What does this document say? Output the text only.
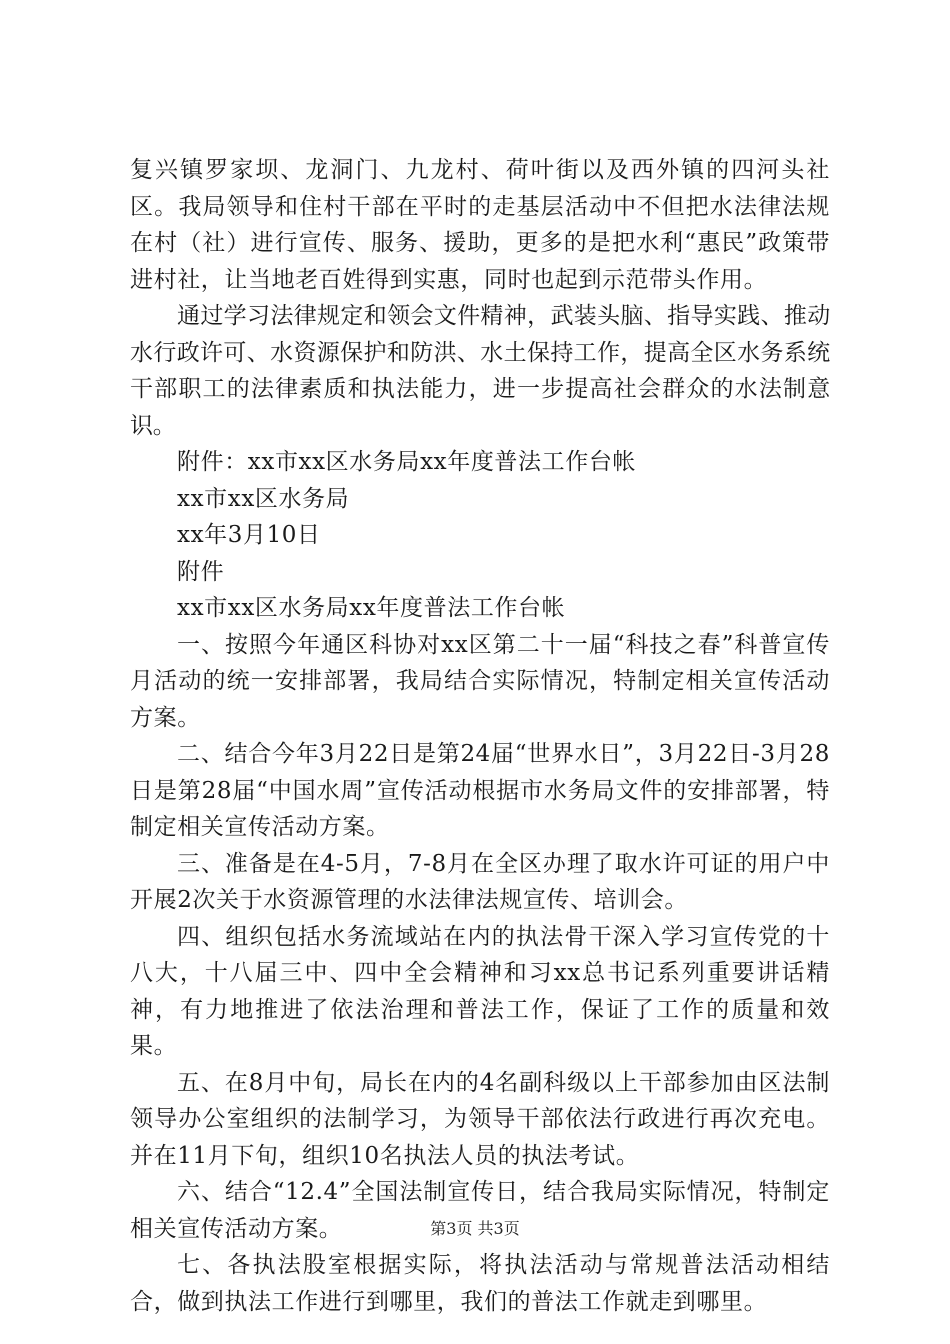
复兴镇罗家坝、龙洞门、九龙村、荷叶街以及西外镇的四河头社区。我局领导和住村干部在平时的走基层活动中不但把水法律法规在村（社）进行宣传、服务、援助，更多的是把水利“惠民”政策带进村社，让当地老百姓得到实惠，同时也起到示范带头作用。

通过学习法律规定和领会文件精神，武装头脑、指导实践、推动水行政许可、水资源保护和防洪、水土保持工作，提高全区水务系统干部职工的法律素质和执法能力，进一步提高社会群众的水法制意识。

附件：xx市xx区水务局xx年度普法工作台帐

xx市xx区水务局

xx年3月10日

附件

xx市xx区水务局xx年度普法工作台帐

一、按照今年通区科协对xx区第二十一届“科技之春”科普宣传月活动的统一安排部署，我局结合实际情况，特制定相关宣传活动方案。

二、结合今年3月22日是第24届“世界水日”，3月22日-3月28日是第28届“中国水周”宣传活动根据市水务局文件的安排部署，特制定相关宣传活动方案。

三、准备是在4-5月，7-8月在全区办理了取水许可证的用户中开展2次关于水资源管理的水法律法规宣传、培训会。

四、组织包括水务流域站在内的执法骨干深入学习宣传党的十八大，十八届三中、四中全会精神和习xx总书记系列重要讲话精神，有力地推进了依法治理和普法工作，保证了工作的质量和效果。

五、在8月中旬，局长在内的4名副科级以上干部参加由区法制领导办公室组织的法制学习，为领导干部依法行政进行再次充电。并在11月下旬，组织10名执法人员的执法考试。

六、结合“12.4”全国法制宣传日，结合我局实际情况，特制定相关宣传活动方案。

七、各执法股室根据实际，将执法活动与常规普法活动相结合，做到执法工作进行到哪里，我们的普法工作就走到哪里。

第3页 共3页
